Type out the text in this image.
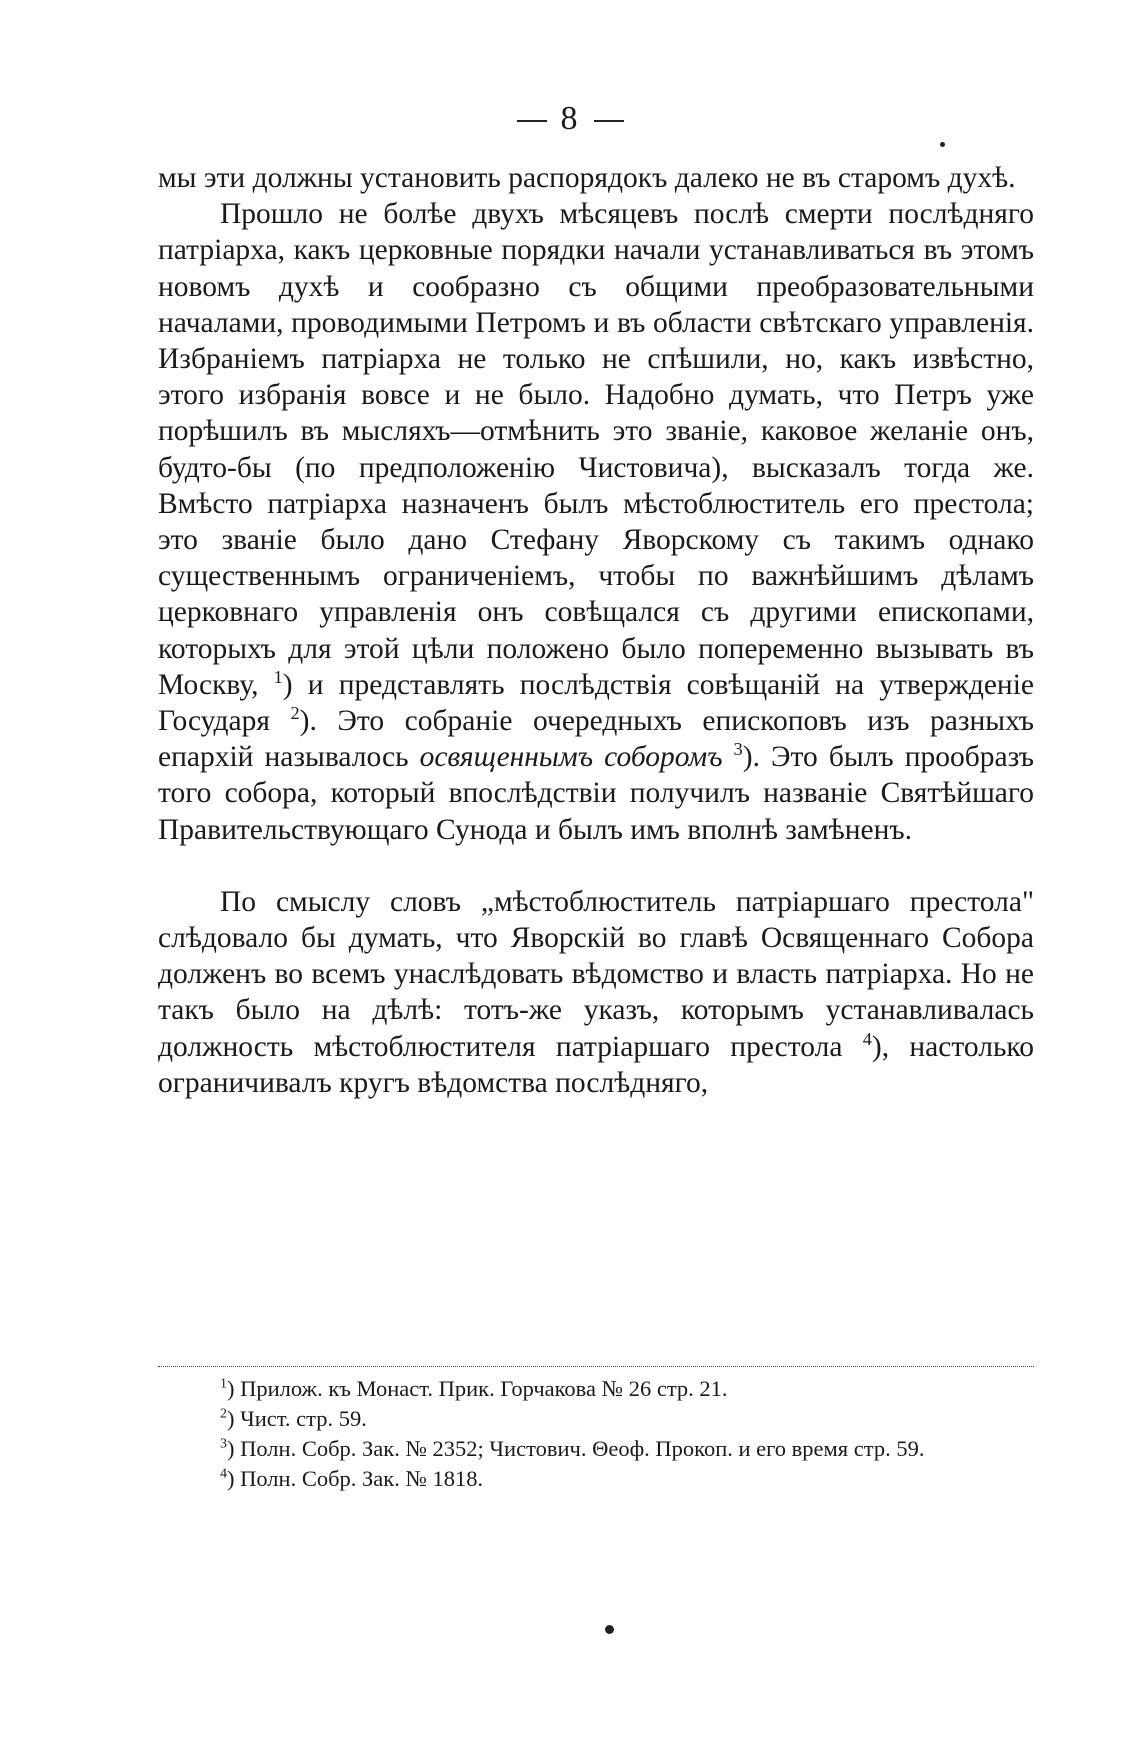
8

мы эти должны установить распорядокъ далеко не въ старомъ духѣ.

Прошло не болѣе двухъ мѣсяцевъ послѣ смерти послѣдняго патріарха, какъ церковные порядки начали устанавливаться въ этомъ новомъ духѣ и сообразно съ общими преобразовательными началами, проводимыми Петромъ и въ области свѣтскаго управленія. Избраніемъ патріарха не только не спѣшили, но, какъ извѣстно, этого избранія вовсе и не было. Надобно думать, что Петръ уже порѣшилъ въ мысляхъ—отмѣнить это званіе, каковое желаніе онъ, будто-бы (по предположенію Чистовича), высказалъ тогда же. Вмѣсто патріарха назначенъ былъ мѣстоблюститель его престола; это званіе было дано Стефану Яворскому съ такимъ однако существеннымъ ограниченіемъ, чтобы по важнѣйшимъ дѣламъ церковнаго управленія онъ совѣщался съ другими епископами, которыхъ для этой цѣли положено было попеременно вызывать въ Москву, $^1$) и представлять послѣдствія совѣщаній на утвержденіе Государя $^2$). Это собраніе очередныхъ епископовъ изъ разныхъ епархій называлось освященнымъ соборомъ $^3$). Это былъ прообразъ того собора, который впослѣдствіи получилъ названіе Святѣйшаго Правительствующаго Сунода и былъ имъ вполнѣ замѣненъ.

По смыслу словъ „мѣстоблюститель патріаршаго престола" слѣдовало бы думать, что Яворскій во главѣ Освященнаго Собора долженъ во всемъ унаслѣдовать вѣдомство и власть патріарха. Но не такъ было на дѣлѣ: тотъ-же указъ, которымъ устанавливалась должность мѣстоблюстителя патріаршаго престола $^4$), настолько ограничивалъ кругъ вѣдомства послѣдняго,

$^1$) Прилож. къ Монаст. Прик. Горчакова № 26 стр. 21.

$^2$) Чист. стр. 59.

$^3$) Полн. Собр. Зак. № 2352; Чистович. Θеоф. Прокоп. и его время стр. 59.

$^4$) Полн. Собр. Зак. № 1818.
